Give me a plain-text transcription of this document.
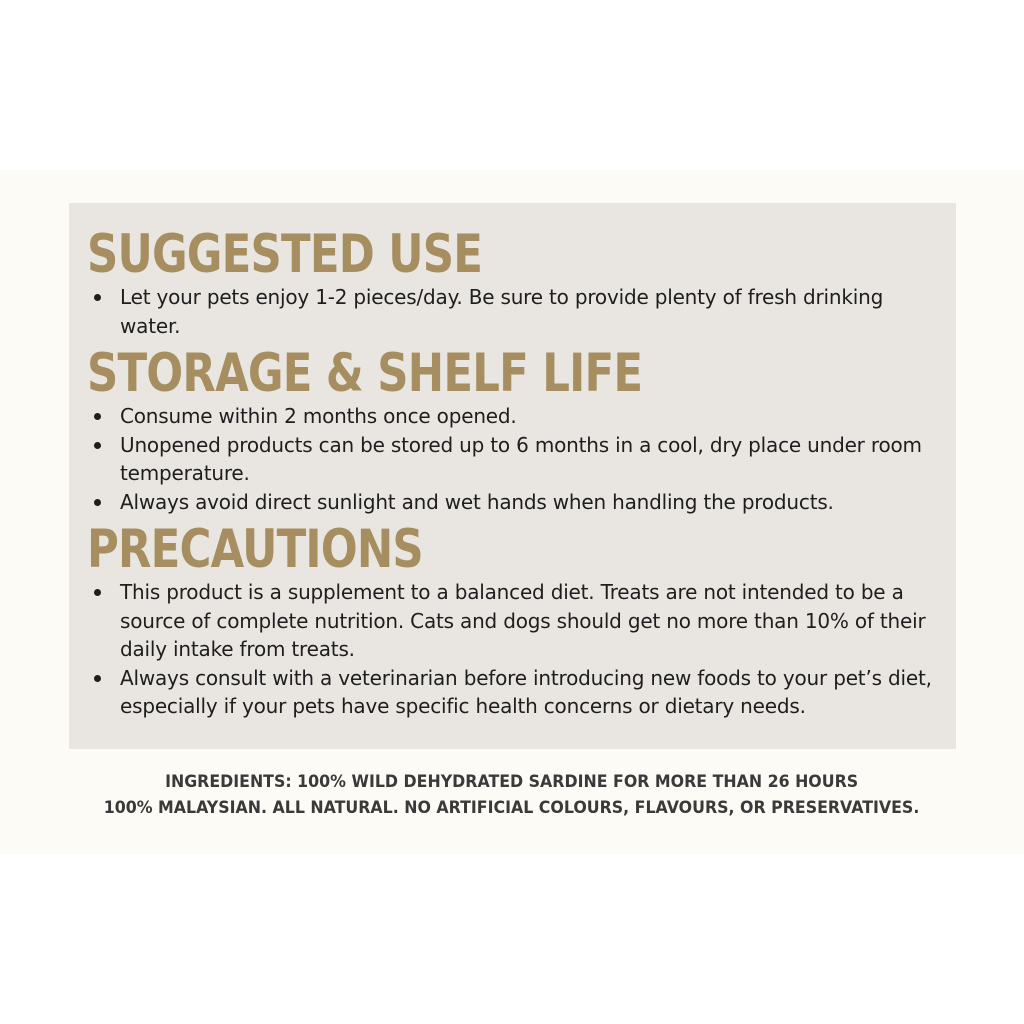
SUGGESTED USE
Let your pets enjoy 1-2 pieces/day. Be sure to provide plenty of fresh drinking water.
STORAGE & SHELF LIFE
Consume within 2 months once opened.
Unopened products can be stored up to 6 months in a cool, dry place under room temperature.
Always avoid direct sunlight and wet hands when handling the products.
PRECAUTIONS
This product is a supplement to a balanced diet. Treats are not intended to be a source of complete nutrition. Cats and dogs should get no more than 10% of their daily intake from treats.
Always consult with a veterinarian before introducing new foods to your pet’s diet, especially if your pets have specific health concerns or dietary needs.
INGREDIENTS: 100% WILD DEHYDRATED SARDINE FOR MORE THAN 26 HOURS
100% MALAYSIAN. ALL NATURAL. NO ARTIFICIAL COLOURS, FLAVOURS, OR PRESERVATIVES.
